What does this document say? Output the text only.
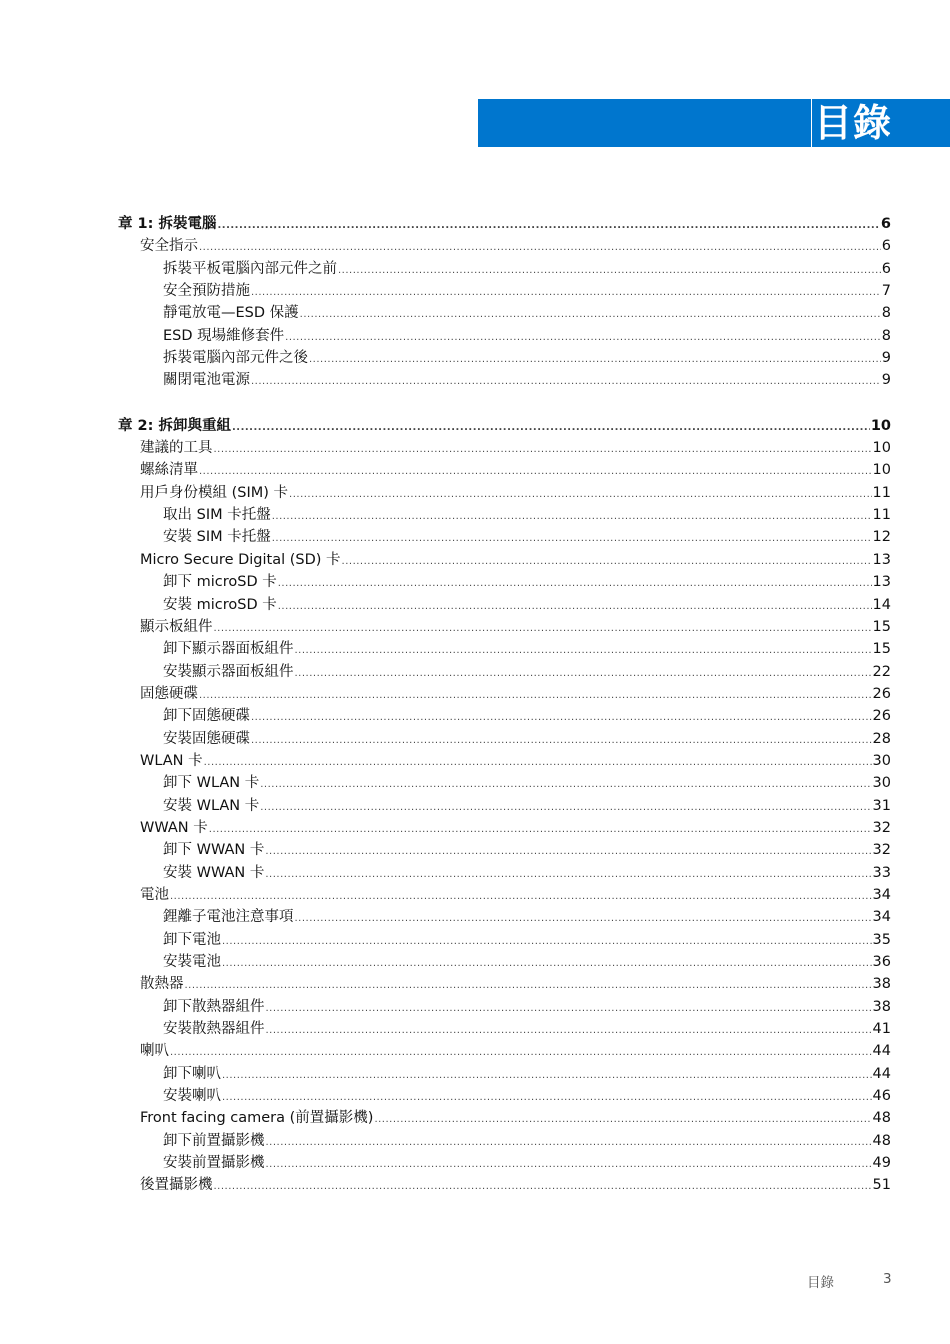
目錄
章 1: 拆裝電腦 .....	6
安全指示 .....	6
拆裝平板電腦內部元件之前 .....	6
安全預防措施 .....	7
靜電放電—ESD 保護 .....	8
ESD 現場維修套件 .....	8
拆裝電腦內部元件之後 .....	9
關閉電池電源 .....	9
章 2: 拆卸與重組 .....	10
建議的工具 .....	10
螺絲清單 .....	10
用戶身份模組 (SIM) 卡 .....	11
取出 SIM 卡托盤 .....	11
安裝 SIM 卡托盤 .....	12
Micro Secure Digital (SD) 卡 .....	13
卸下 microSD 卡 .....	13
安裝 microSD 卡 .....	14
顯示板組件 .....	15
卸下顯示器面板組件 .....	15
安裝顯示器面板組件 .....	22
固態硬碟 .....	26
卸下固態硬碟 .....	26
安裝固態硬碟 .....	28
WLAN 卡 .....	30
卸下 WLAN 卡 .....	30
安裝 WLAN 卡 .....	31
WWAN 卡 .....	32
卸下 WWAN 卡 .....	32
安裝 WWAN 卡 .....	33
電池 .....	34
鋰離子電池注意事項 .....	34
卸下電池 .....	35
安裝電池 .....	36
散熱器 .....	38
卸下散熱器組件 .....	38
安裝散熱器組件 .....	41
喇叭 .....	44
卸下喇叭 .....	44
安裝喇叭 .....	46
Front facing camera (前置攝影機) .....	48
卸下前置攝影機 .....	48
安裝前置攝影機 .....	49
後置攝影機 .....	51
目錄	3
